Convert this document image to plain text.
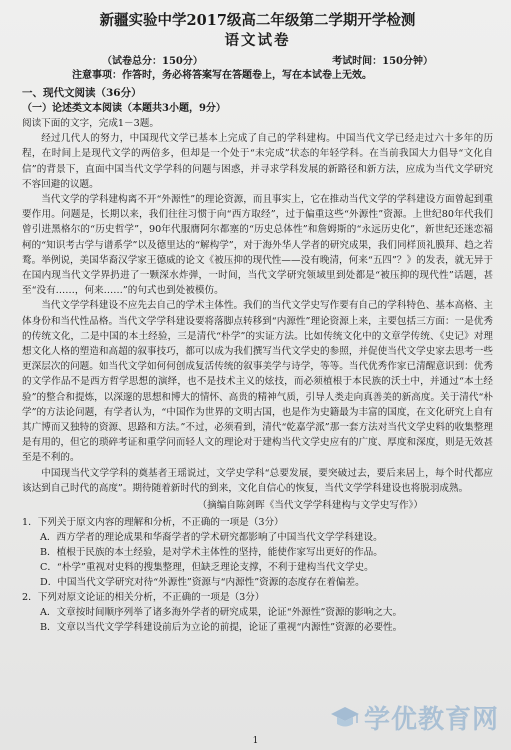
新疆实验中学2017级高二年级第二学期开学检测
语文试卷
（试卷总分：150分）	考试时间：150分钟）
注意事项：作答时，务必将答案写在答题卷上，写在本试卷上无效。
一、现代文阅读（36分）
（一）论述类文本阅读（本题共3小题，9分）

阅读下面的文字，完成1－3题。

经过几代人的努力，中国现代文学已基本上完成了自己的学科建构。中国当代文学已经走过六十多年的历程，在时间上是现代文学的两倍多，但却是一个处于“未完成”状态的年轻学科。在当前我国大力倡导“文化自信”的背景下，直面中国当代文学学科的问题与困惑，并寻求学科发展的新路径和新方法，应成为当代文学研究不容回避的议题。

当代文学的学科建构离不开“外源性”的理论资源，而且事实上，它在推动当代文学的学科建设方面曾起到重要作用。问题是，长期以来，我们往往习惯于向“西方取经”，过于偏重这些“外源性”资源。上世纪80年代我们曾引进黑格尔的“历史哲学”，90年代服膺阿尔都塞的“历史总体性”和詹姆斯的“永远历史化”，新世纪还迷恋福柯的“知识考古学与谱系学”以及德里达的“解构学”，对于海外华人学者的研究成果，我们同样顶礼膜拜、趋之若鹜。举例说，美国华裔汉学家王德威的论文《被压抑的现代性——没有晚清，何来“五四”？》的发表，就无异于在国内现当代文学界扔进了一颗深水炸弹，一时间，当代文学研究领域里到处都是“被压抑的现代性”话题，甚至“没有……，何来……”的句式也到处被模仿。

当代文学学科建设不应先去自己的学术主体性。我们的当代文学史写作要有自己的学科特色、基本高格、主体身份和当代性品格。当代文学学科建设要将落脚点转移到“内源性”理论资源上来，主要包括三方面：一是优秀的传统文化，二是中国的本土经验，三是清代“朴学”的实证方法。比如传统文化中的文章学传统、《史记》对理想文化人格的塑造和高超的叙事技巧，都可以成为我们撰写当代文学史的参照，并促使当代文学史家去思考一些更深层次的问题。如当代文学如何何创成复活传统的叙事美学与诗学，等等。当代优秀作家已清醒意识到：优秀的文学作品不是西方哲学思想的演绎，也不是技术主义的炫技，而必须植根于本民族的沃土中，并通过“本土经验”的整合和提炼，以深邃的思想和博大的情怀、高贵的精神气质，引导人类走向真善美的新高度。关于清代“朴学”的方法论问题，有学者认为，“中国作为世界的文明古国，也是作为史籍最为丰富的国度，在文化研究上自有其广博而又独特的资源、思路和方法。”不过，必须看到，清代“乾嘉学派”那一套方法对当代文学史料的收集整理是有用的，但它的琐碎考证和重学问而轻人文的理论对于建构当代文学史应有的广度、厚度和深度，则是无效甚至是不利的。

中国现当代文学学科的奠基者王瑶说过，文学史学科“总要发展，要突破过去，要后来居上，每个时代都应该达到自己时代的高度”。期待随着新时代的到来，文化自信心的恢复，当代文学学科建设也将脱羽成熟。

（摘编自陈剑晖《当代文学学科建构与文学史写作》）

1．下列关于原文内容的理解和分析，不正确的一项是（3分）

A．西方学者的理论成果和华裔学者的学术研究都影响了中国当代文学学科建设。

B．植根于民族的本土经验，是对学术主体性的坚持，能使作家写出更好的作品。

C．“朴学”重视对史料的搜集整理，但缺乏理论支撑，不利于建构当代文学史。

D．中国当代文学研究对待“外源性”资源与“内源性”资源的态度存在着偏差。

2．下列对原文论证的相关分析，不正确的一项是（3分）

A．文章按时间顺序列举了诸多海外学者的研究成果，论证“外源性”资源的影响之大。

B．文章以当代文学学科建设前后为立论的前提，论证了重视“内源性”资源的必要性。

学优教育网
1
